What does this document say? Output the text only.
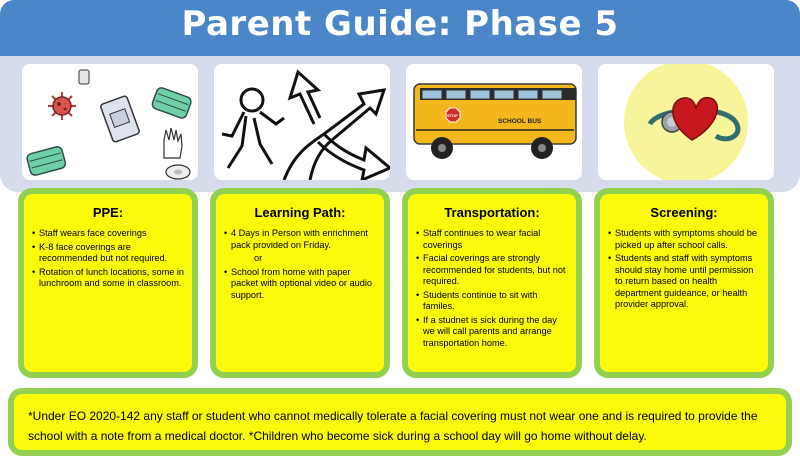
Parent Guide: Phase 5
SCHOOL BUS
STOP
PPE:
• Staff wears face coverings
• K-8 face coverings are recommended but not required.
• Rotation of lunch locations, some in lunchroom and some in classroom.
Learning Path:
• 4 Days in Person with enrichment pack provided on Friday.
or
• School from home with paper packet with optional video or audio support.
Transportation:
• Staff continues to wear facial coverings
• Facial coverings are strongly recommended for students, but not required.
• Students continue to sit with familes.
• If a studnet is sick during the day we will call parents and arrange transportation home.
Screening:
• Students with symptoms should be picked up after school calls.
• Students and staff with symptoms should stay home until permission to return based on health department guideance, or health provider approval.
*Under EO 2020-142 any staff or student who cannot medically tolerate a facial covering must not wear one and is required to provide the school with a note from a medical doctor. *Children who become sick during a school day will go home without delay.
